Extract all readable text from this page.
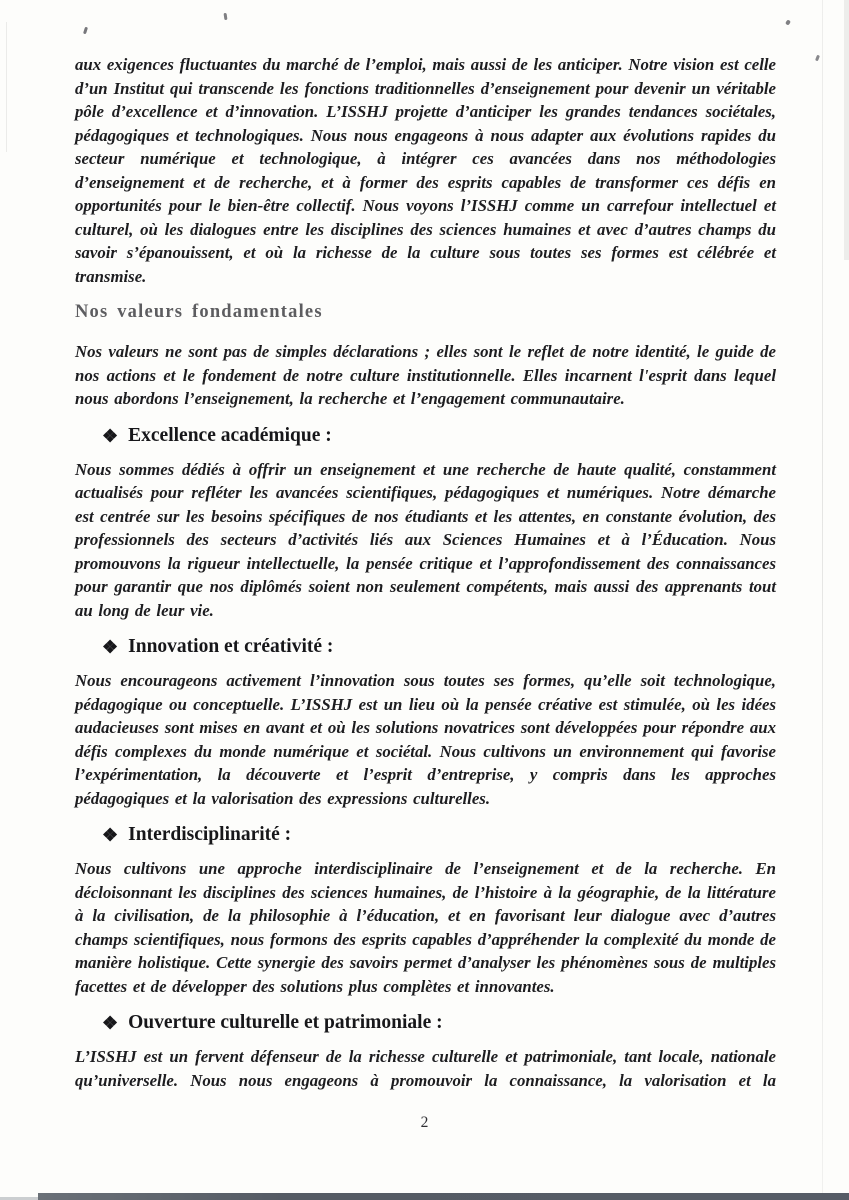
aux exigences fluctuantes du marché de l’emploi, mais aussi de les anticiper. Notre vision est celle d’un Institut qui transcende les fonctions traditionnelles d’enseignement pour devenir un véritable pôle d’excellence et d’innovation. L’ISSHJ projette d’anticiper les grandes tendances sociétales, pédagogiques et technologiques. Nous nous engageons à nous adapter aux évolutions rapides du secteur numérique et technologique, à intégrer ces avancées dans nos méthodologies d’enseignement et de recherche, et à former des esprits capables de transformer ces défis en opportunités pour le bien-être collectif. Nous voyons l’ISSHJ comme un carrefour intellectuel et culturel, où les dialogues entre les disciplines des sciences humaines et avec d’autres champs du savoir s’épanouissent, et où la richesse de la culture sous toutes ses formes est célébrée et transmise.

Nos valeurs fondamentales

Nos valeurs ne sont pas de simples déclarations ; elles sont le reflet de notre identité, le guide de nos actions et le fondement de notre culture institutionnelle. Elles incarnent l'esprit dans lequel nous abordons l’enseignement, la recherche et l’engagement communautaire.

❖ Excellence académique :

Nous sommes dédiés à offrir un enseignement et une recherche de haute qualité, constamment actualisés pour refléter les avancées scientifiques, pédagogiques et numériques. Notre démarche est centrée sur les besoins spécifiques de nos étudiants et les attentes, en constante évolution, des professionnels des secteurs d’activités liés aux Sciences Humaines et à l’Éducation. Nous promouvons la rigueur intellectuelle, la pensée critique et l’approfondissement des connaissances pour garantir que nos diplômés soient non seulement compétents, mais aussi des apprenants tout au long de leur vie.

❖ Innovation et créativité :

Nous encourageons activement l’innovation sous toutes ses formes, qu’elle soit technologique, pédagogique ou conceptuelle. L’ISSHJ est un lieu où la pensée créative est stimulée, où les idées audacieuses sont mises en avant et où les solutions novatrices sont développées pour répondre aux défis complexes du monde numérique et sociétal. Nous cultivons un environnement qui favorise l’expérimentation, la découverte et l’esprit d’entreprise, y compris dans les approches pédagogiques et la valorisation des expressions culturelles.

❖ Interdisciplinarité :

Nous cultivons une approche interdisciplinaire de l’enseignement et de la recherche. En décloisonnant les disciplines des sciences humaines, de l’histoire à la géographie, de la littérature à la civilisation, de la philosophie à l’éducation, et en favorisant leur dialogue avec d’autres champs scientifiques, nous formons des esprits capables d’appréhender la complexité du monde de manière holistique. Cette synergie des savoirs permet d’analyser les phénomènes sous de multiples facettes et de développer des solutions plus complètes et innovantes.

❖ Ouverture culturelle et patrimoniale :

L’ISSHJ est un fervent défenseur de la richesse culturelle et patrimoniale, tant locale, nationale qu’universelle. Nous nous engageons à promouvoir la connaissance, la valorisation et la

2
